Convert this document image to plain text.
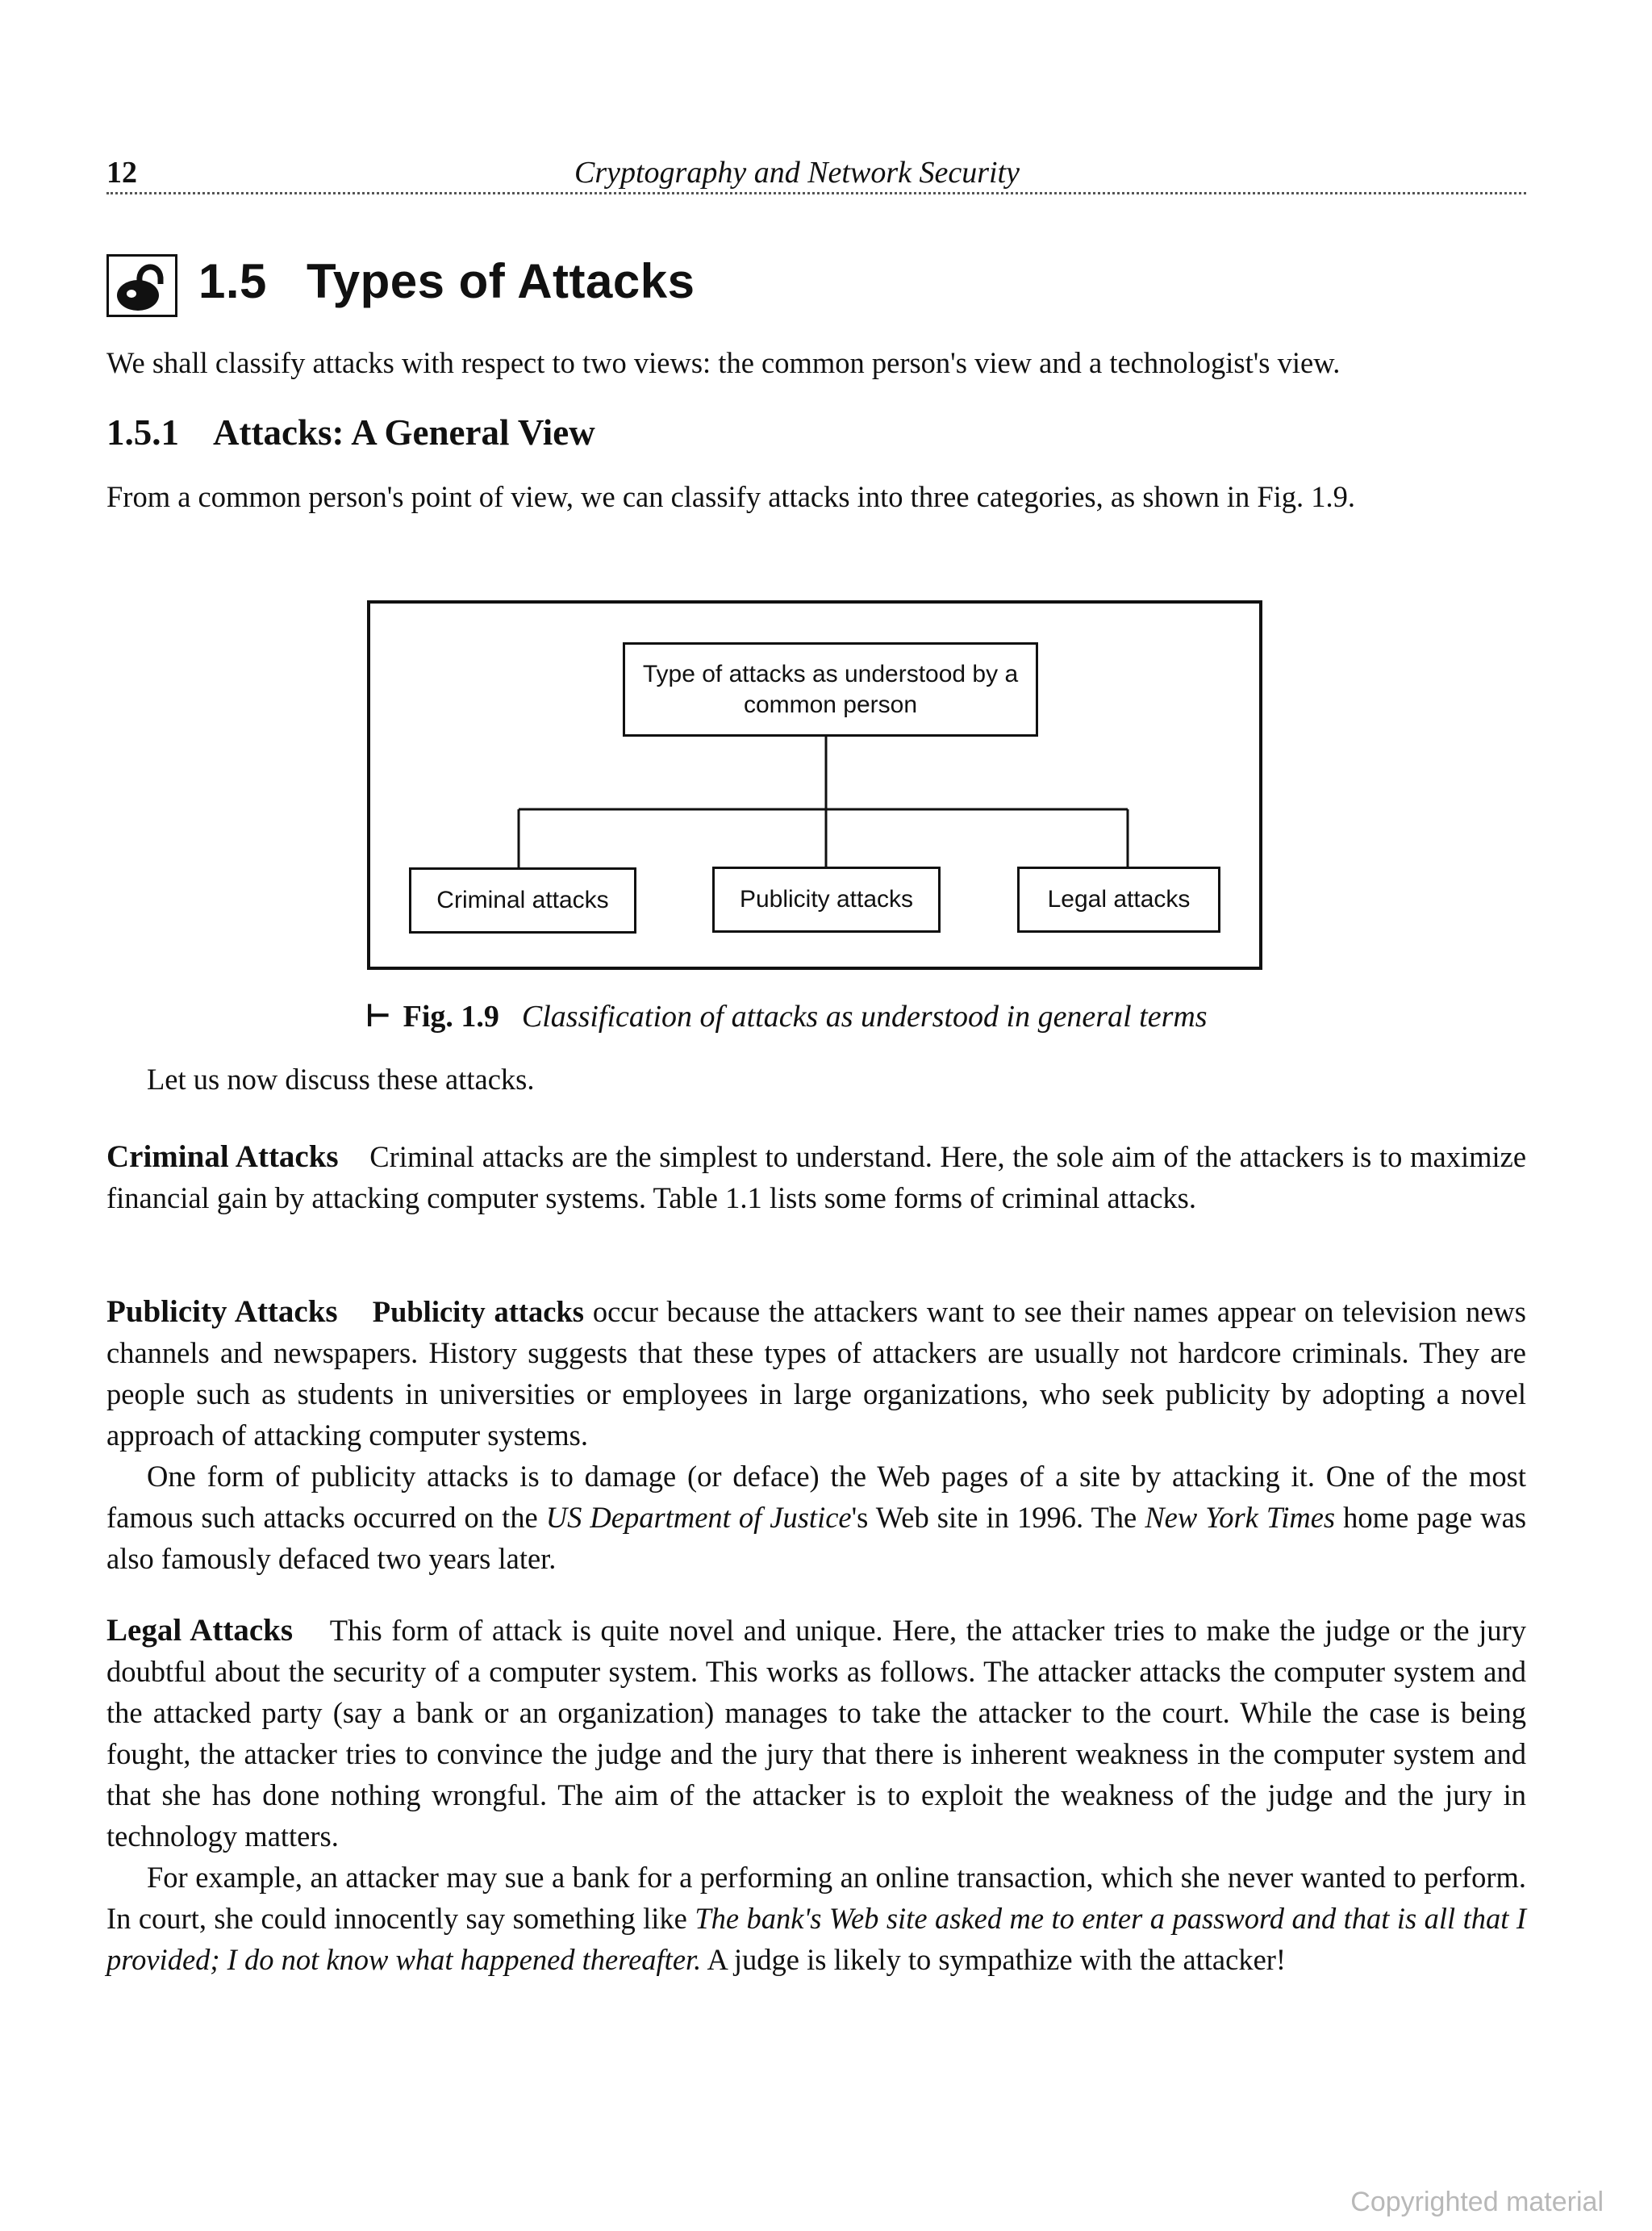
12	Cryptography and Network Security
1.5 Types of Attacks

We shall classify attacks with respect to two views: the common person's view and a technologist's view.

1.5.1 Attacks: A General View

From a common person's point of view, we can classify attacks into three categories, as shown in Fig. 1.9.

Type of attacks as understood by a common person
Criminal attacks	Publicity attacks	Legal attacks
⊢ Fig. 1.9 Classification of attacks as understood in general terms

Let us now discuss these attacks.

Criminal Attacks Criminal attacks are the simplest to understand. Here, the sole aim of the attackers is to maximize financial gain by attacking computer systems. Table 1.1 lists some forms of criminal attacks.

Publicity Attacks Publicity attacks occur because the attackers want to see their names appear on television news channels and newspapers. History suggests that these types of attackers are usually not hardcore criminals. They are people such as students in universities or employees in large organizations, who seek publicity by adopting a novel approach of attacking computer systems.

One form of publicity attacks is to damage (or deface) the Web pages of a site by attacking it. One of the most famous such attacks occurred on the US Department of Justice's Web site in 1996. The New York Times home page was also famously defaced two years later.

Legal Attacks This form of attack is quite novel and unique. Here, the attacker tries to make the judge or the jury doubtful about the security of a computer system. This works as follows. The attacker attacks the computer system and the attacked party (say a bank or an organization) manages to take the attacker to the court. While the case is being fought, the attacker tries to convince the judge and the jury that there is inherent weakness in the computer system and that she has done nothing wrongful. The aim of the attacker is to exploit the weakness of the judge and the jury in technology matters.

For example, an attacker may sue a bank for a performing an online transaction, which she never wanted to perform. In court, she could innocently say something like The bank's Web site asked me to enter a password and that is all that I provided; I do not know what happened thereafter. A judge is likely to sympathize with the attacker!

Copyrighted material
